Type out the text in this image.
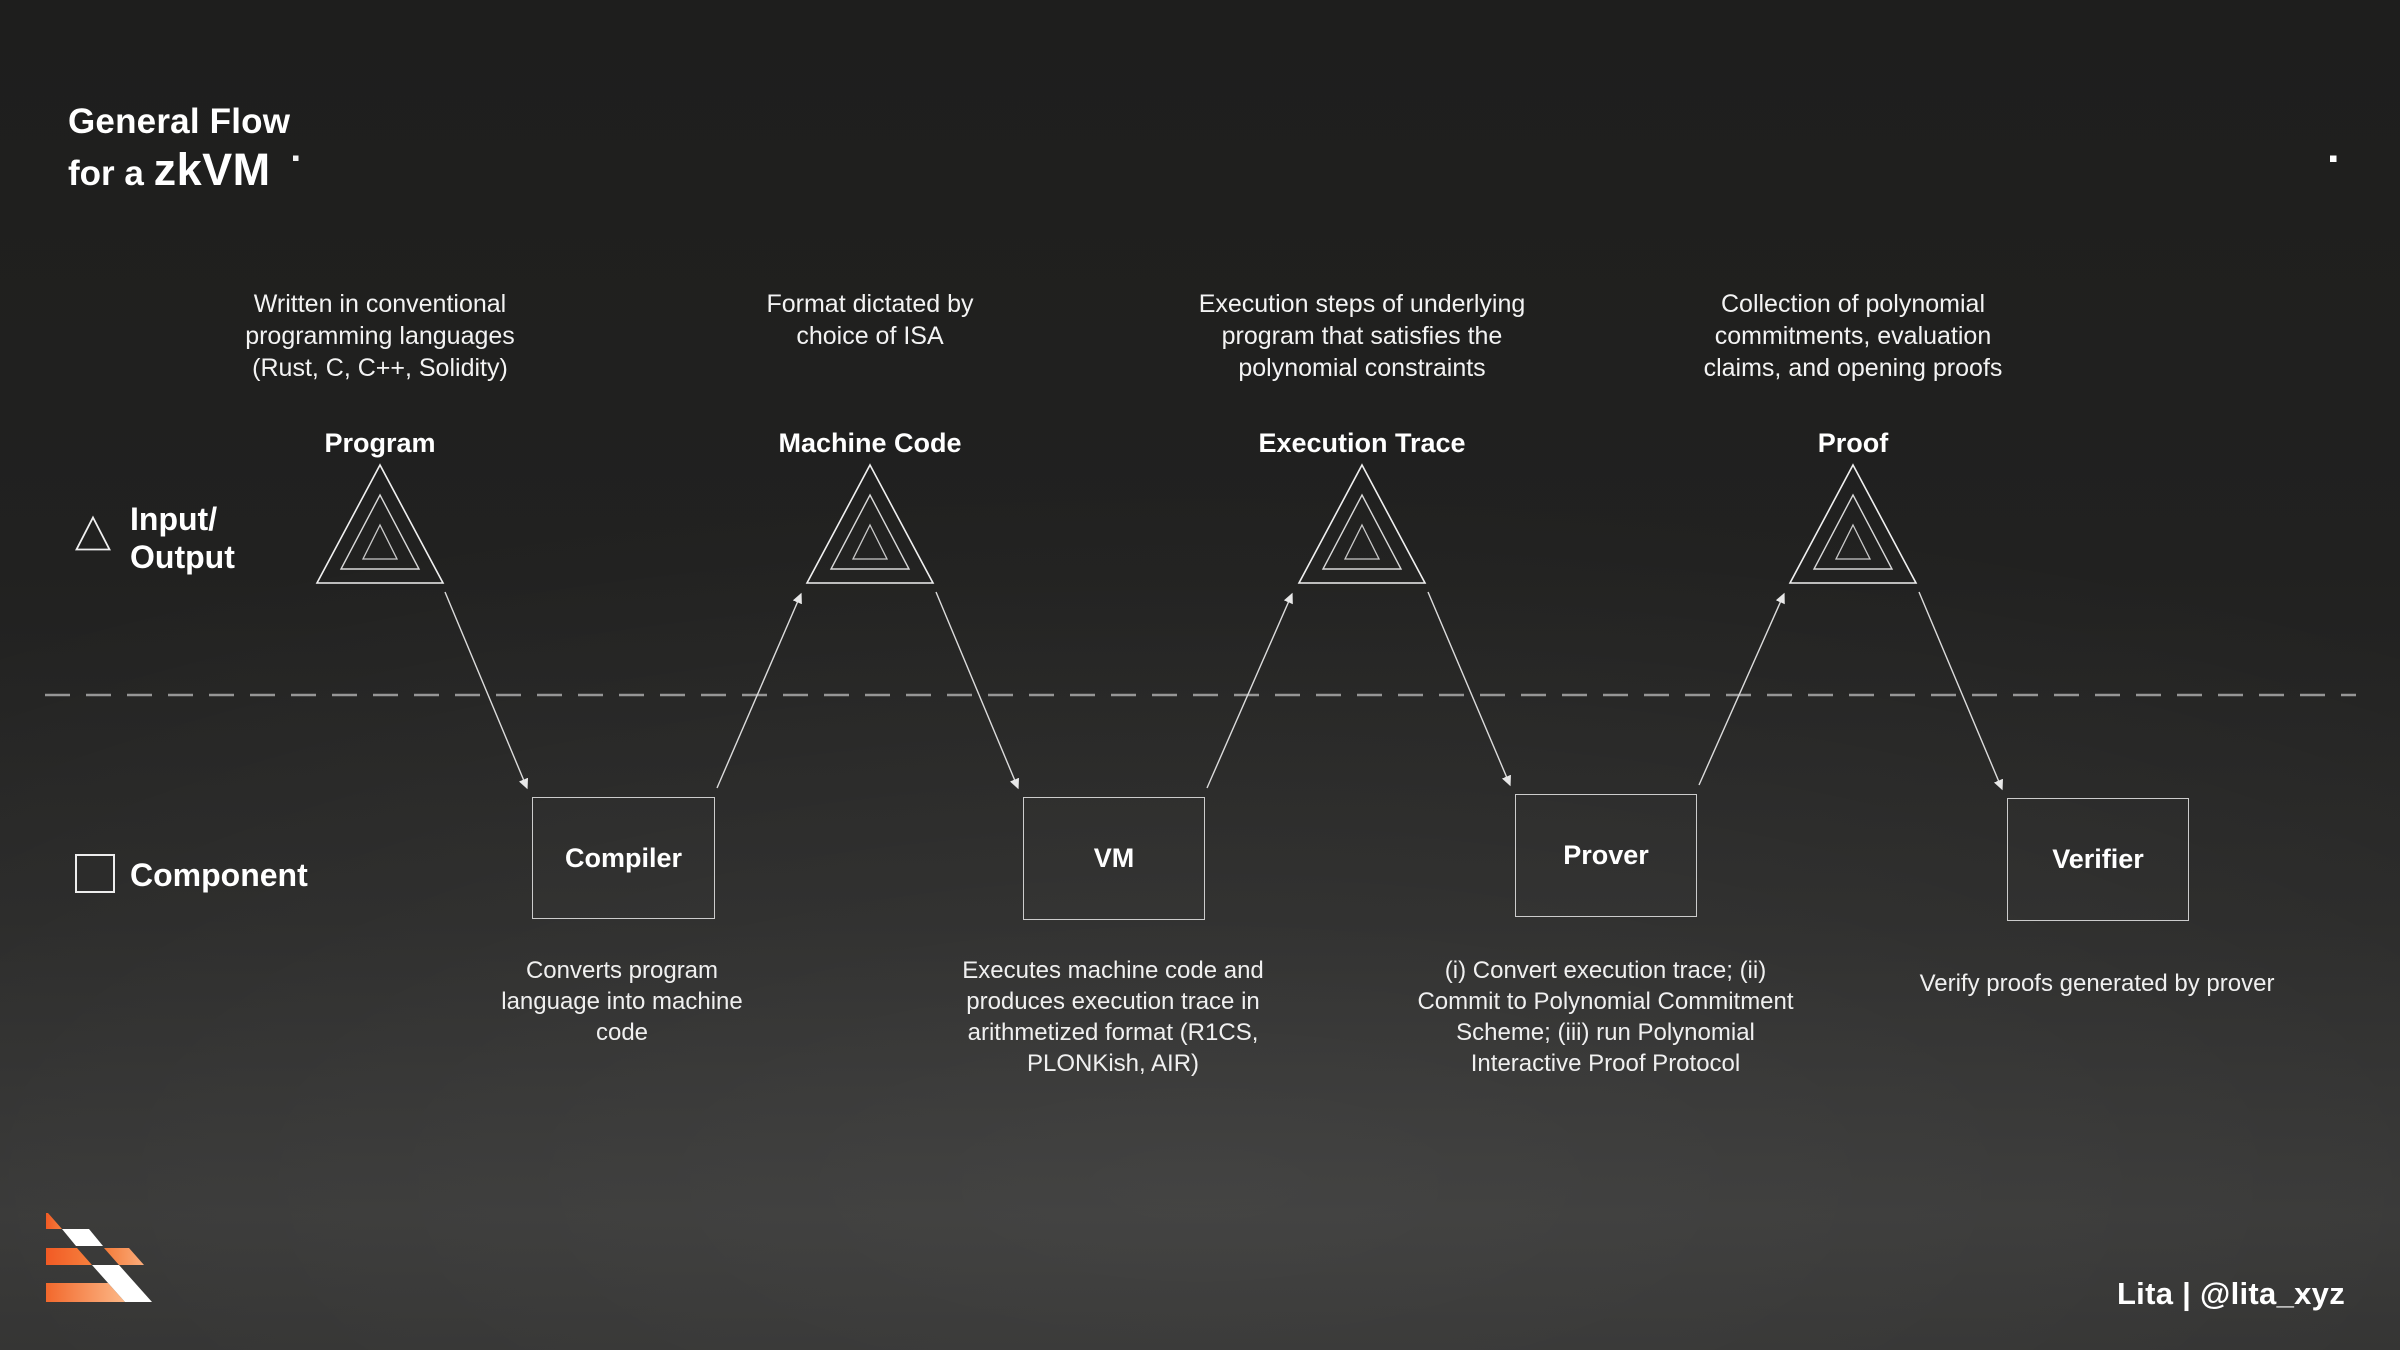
General Flow
for a zkVM
Written in conventional programming languages (Rust, C, C++, Solidity)
Format dictated by choice of ISA
Execution steps of underlying program that satisfies the polynomial constraints
Collection of polynomial commitments, evaluation claims, and opening proofs
Program	Machine Code	Execution Trace	Proof
Input/
Output
Component	Compiler	VM	Prover	Verifier
Converts program language into machine code
Executes machine code and produces execution trace in arithmetized format (R1CS, PLONKish, AIR)
(i) Convert execution trace; (ii) Commit to Polynomial Commitment Scheme; (iii) run Polynomial Interactive Proof Protocol
Verify proofs generated by prover
Lita | @lita_xyz
